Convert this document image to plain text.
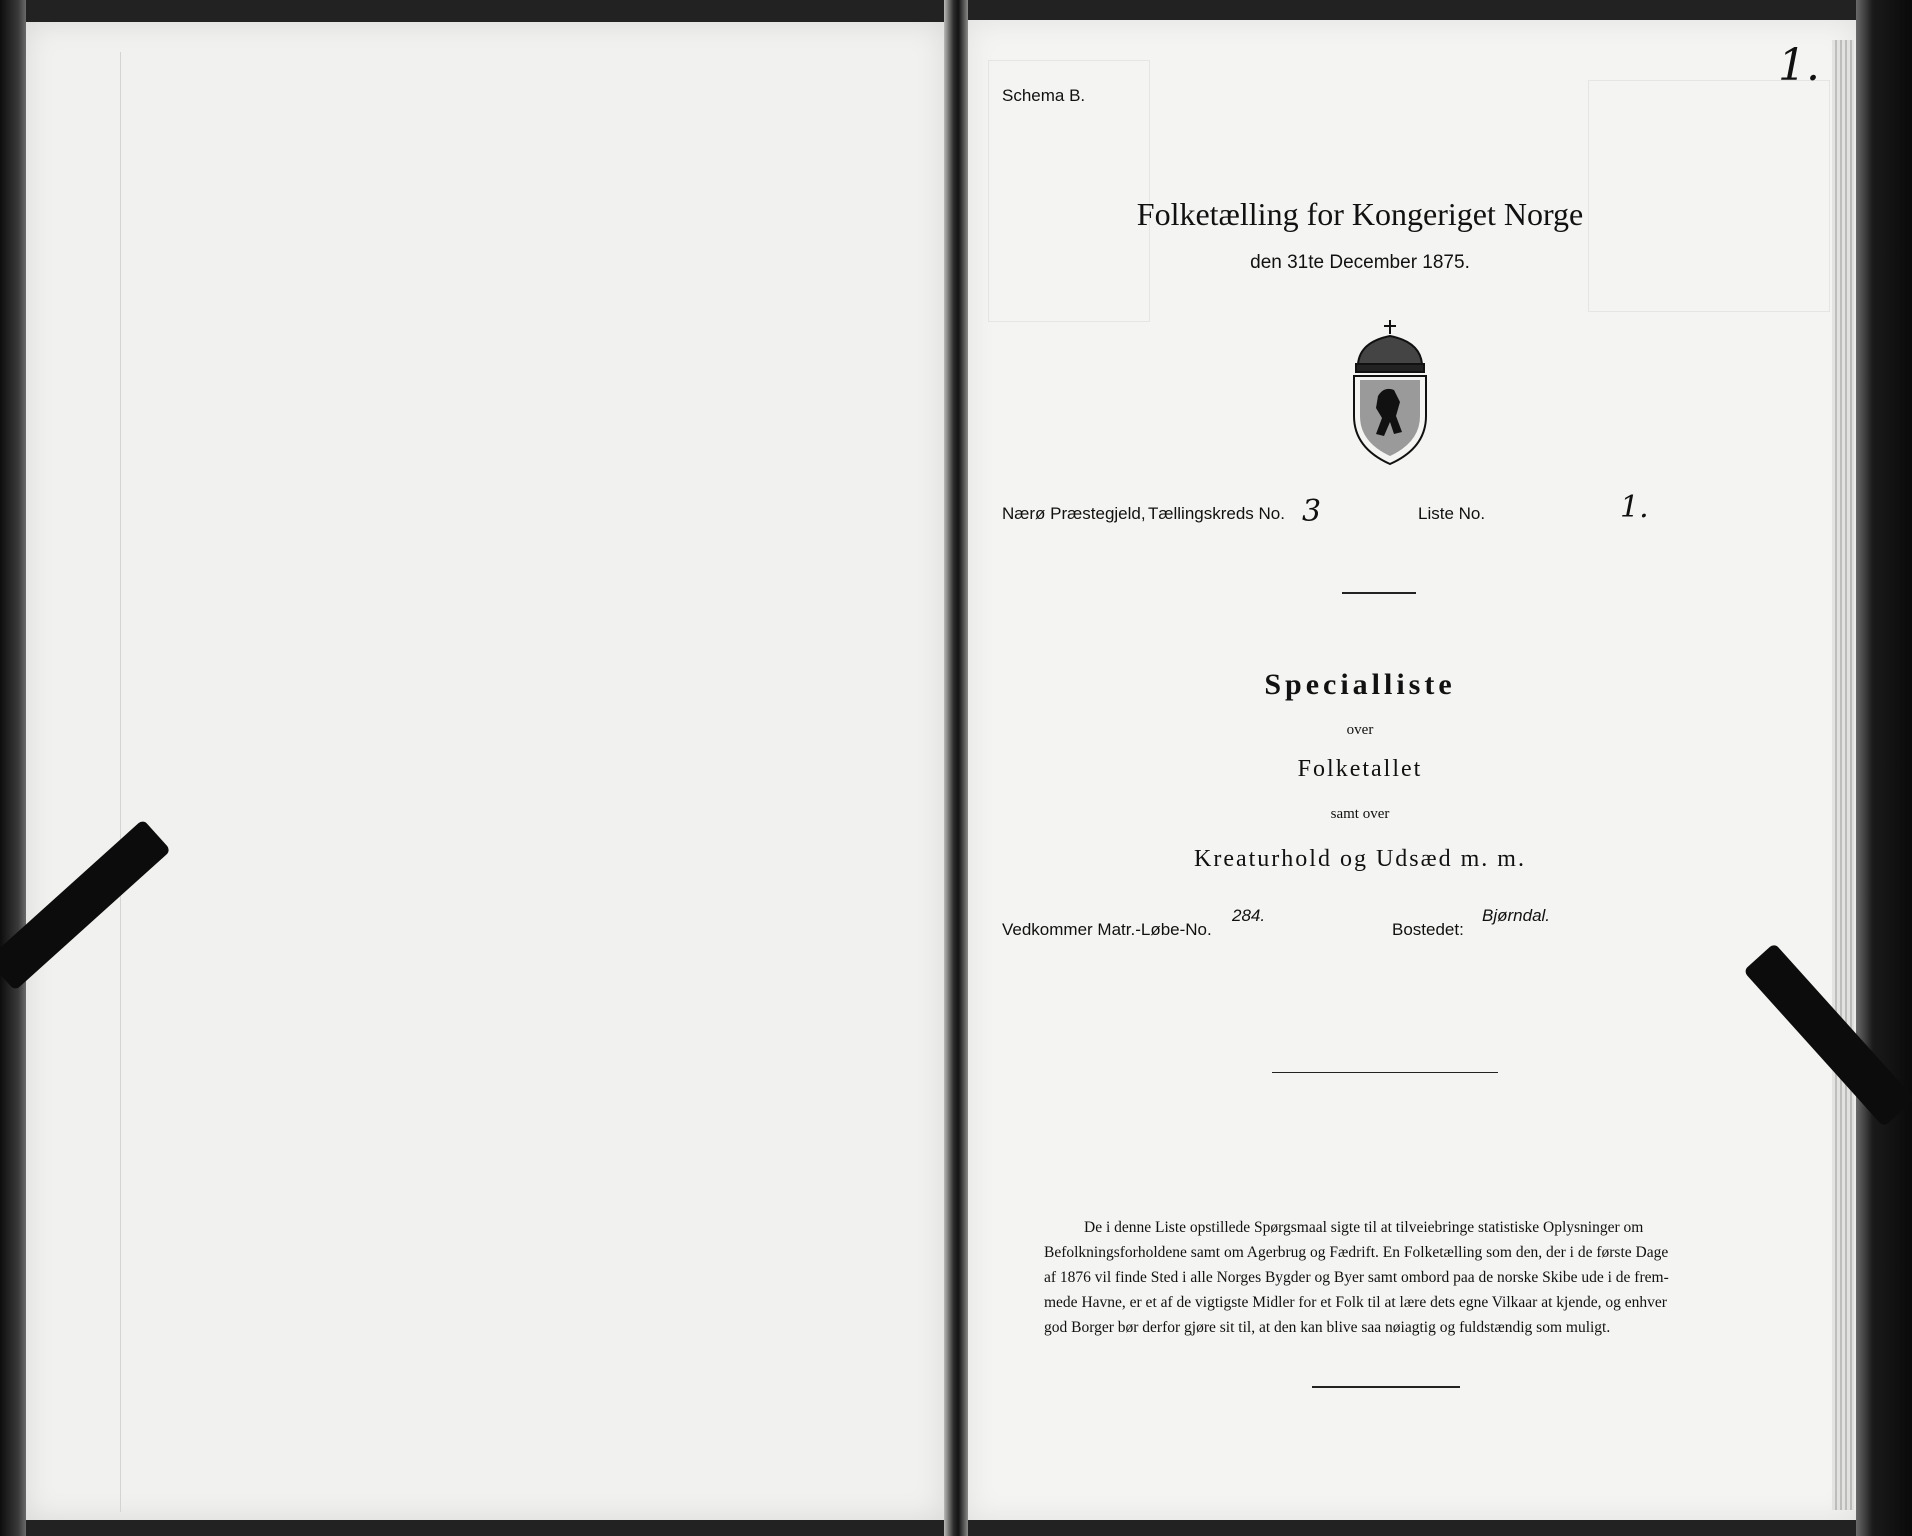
Schema B.
1.
Folketælling for Kongeriget Norge
den 31te December 1875.
Nærø Præstegjeld, Tællingskreds No. 3	Liste No.	1.
Specialliste
over
Folketallet
samt over
Kreaturhold og Udsæd m. m.
Vedkommer Matr.-Løbe-No.
284.
Bostedet:
Bjørndal.
De i denne Liste opstillede Spørgsmaal sigte til at tilveiebringe statistiske Oplysninger om
Befolkningsforholdene samt om Agerbrug og Fædrift. En Folketælling som den, der i de første Dage
af 1876 vil finde Sted i alle Norges Bygder og Byer samt ombord paa de norske Skibe ude i de frem-
mede Havne, er et af de vigtigste Midler for et Folk til at lære dets egne Vilkaar at kjende, og enhver
god Borger bør derfor gjøre sit til, at den kan blive saa nøiagtig og fuldstændig som muligt.
